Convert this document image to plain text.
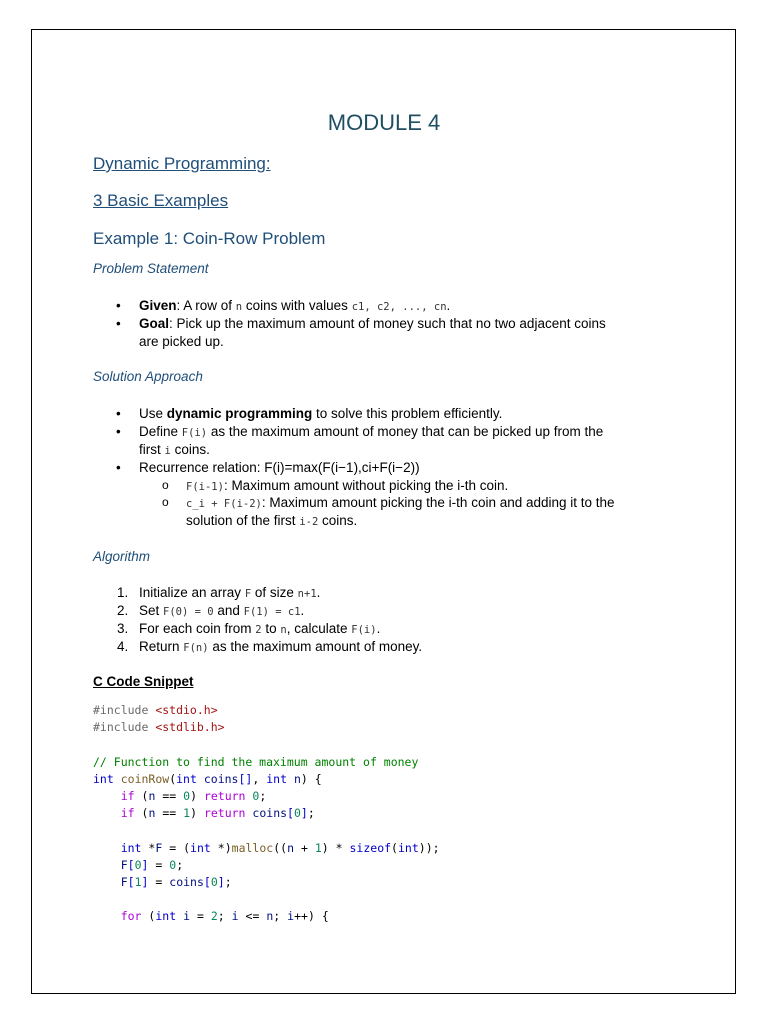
MODULE 4
Dynamic Programming:
3 Basic Examples
Example 1: Coin-Row Problem
Problem Statement
• Given: A row of n coins with values c1, c2, ..., cn.
• Goal: Pick up the maximum amount of money such that no two adjacent coins
are picked up.
Solution Approach
• Use dynamic programming to solve this problem efficiently.
• Define F(i) as the maximum amount of money that can be picked up from the
first i coins.
• Recurrence relation: F(i)=max(F(i−1),ci+F(i−2))
o F(i-1): Maximum amount without picking the i-th coin.
o c_i + F(i-2): Maximum amount picking the i-th coin and adding it to the
solution of the first i-2 coins.
Algorithm
1. Initialize an array F of size n+1.
2. Set F(0) = 0 and F(1) = c1.
3. For each coin from 2 to n, calculate F(i).
4. Return F(n) as the maximum amount of money.
C Code Snippet
#include <stdio.h>
#include <stdlib.h>
// Function to find the maximum amount of money
int coinRow(int coins[], int n) {
if (n == 0) return 0;
if (n == 1) return coins[0];
int *F = (int *)malloc((n + 1) * sizeof(int));
F[0] = 0;
F[1] = coins[0];
for (int i = 2; i <= n; i++) {
